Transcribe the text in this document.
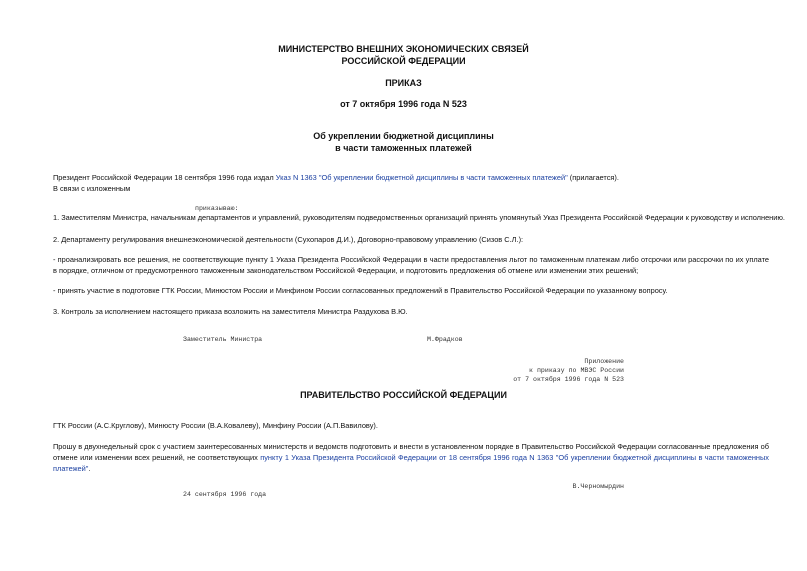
МИНИСТЕРСТВО ВНЕШНИХ ЭКОНОМИЧЕСКИХ СВЯЗЕЙ
РОССИЙСКОЙ ФЕДЕРАЦИИ
ПРИКАЗ
от 7 октября 1996 года N 523
Об укреплении бюджетной дисциплины
в части таможенных платежей
Президент Российской Федерации 18 сентября 1996 года издал Указ N 1363 "Об укреплении бюджетной дисциплины в части таможенных платежей" (прилагается).
В связи с изложенным
приказываю:
1. Заместителям Министра, начальникам департаментов и управлений, руководителям подведомственных организаций принять упомянутый Указ Президента Российской Федерации к руководству и исполнению.
2. Департаменту регулирования внешнеэкономической деятельности (Сухопаров Д.И.), Договорно-правовому управлению (Сизов С.Л.):
- проанализировать все решения, не соответствующие пункту 1 Указа Президента Российской Федерации в части предоставления льгот по таможенным платежам либо отсрочки или рассрочки по их уплате в порядке, отличном от предусмотренного таможенным законодательством Российской Федерации, и подготовить предложения об отмене или изменении этих решений;
- принять участие в подготовке ГТК России, Минюстом России и Минфином России согласованных предложений в Правительство Российской Федерации по указанному вопросу.
3. Контроль за исполнением настоящего приказа возложить на заместителя Министра Раздухова В.Ю.
Заместитель Министра	М.Фрадков
Приложение
к приказу по МВЭС России
от 7 октября 1996 года N 523
ПРАВИТЕЛЬСТВО РОССИЙСКОЙ ФЕДЕРАЦИИ
ГТК России (А.С.Круглову), Минюсту России (В.А.Ковалеву), Минфину России (А.П.Вавилову).
Прошу в двухнедельный срок с участием заинтересованных министерств и ведомств подготовить и внести в установленном порядке в Правительство Российской Федерации согласованные предложения об отмене или изменении всех решений, не соответствующих пункту 1 Указа Президента Российской Федерации от 18 сентября 1996 года N 1363 "Об укреплении бюджетной дисциплины в части таможенных платежей".
В.Черномырдин
24 сентября 1996 года
